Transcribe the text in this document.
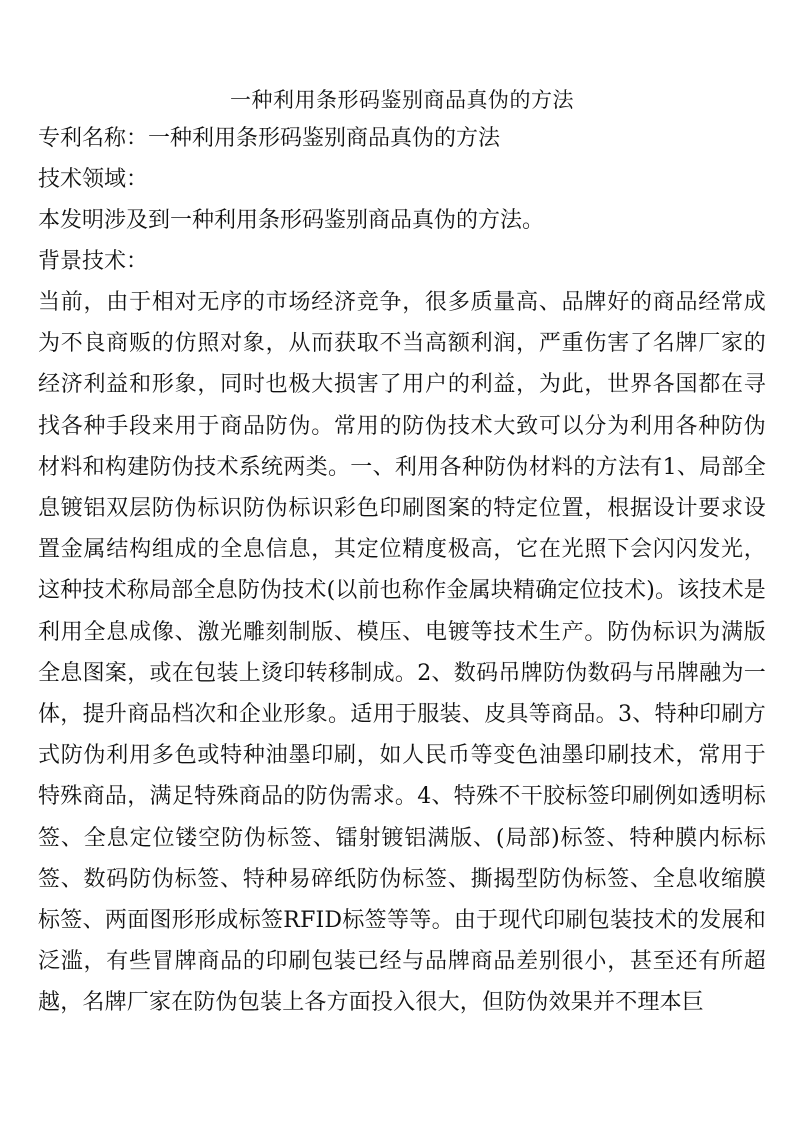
一种利用条形码鉴别商品真伪的方法

专利名称：一种利用条形码鉴别商品真伪的方法

技术领域：

本发明涉及到一种利用条形码鉴别商品真伪的方法。

背景技术：

当前，由于相对无序的市场经济竞争，很多质量高、品牌好的商品经常成为不良商贩的仿照对象，从而获取不当高额利润，严重伤害了名牌厂家的经济利益和形象，同时也极大损害了用户的利益，为此，世界各国都在寻找各种手段来用于商品防伪。常用的防伪技术大致可以分为利用各种防伪材料和构建防伪技术系统两类。一、利用各种防伪材料的方法有1、局部全息镀铝双层防伪标识防伪标识彩色印刷图案的特定位置，根据设计要求设置金属结构组成的全息信息，其定位精度极高，它在光照下会闪闪发光，这种技术称局部全息防伪技术(以前也称作金属块精确定位技术)。该技术是利用全息成像、激光雕刻制版、模压、电镀等技术生产。防伪标识为满版全息图案，或在包装上烫印转移制成。2、数码吊牌防伪数码与吊牌融为一体，提升商品档次和企业形象。适用于服装、皮具等商品。3、特种印刷方式防伪利用多色或特种油墨印刷，如人民币等变色油墨印刷技术，常用于特殊商品，满足特殊商品的防伪需求。4、特殊不干胶标签印刷例如透明标签、全息定位镂空防伪标签、镭射镀铝满版、(局部)标签、特种膜内标标签、数码防伪标签、特种易碎纸防伪标签、撕揭型防伪标签、全息收缩膜标签、两面图形形成标签RFID标签等等。由于现代印刷包装技术的发展和泛滥，有些冒牌商品的印刷包装已经与品牌商品差别很小，甚至还有所超越，名牌厂家在防伪包装上各方面投入很大，但防伪效果并不理本巨
